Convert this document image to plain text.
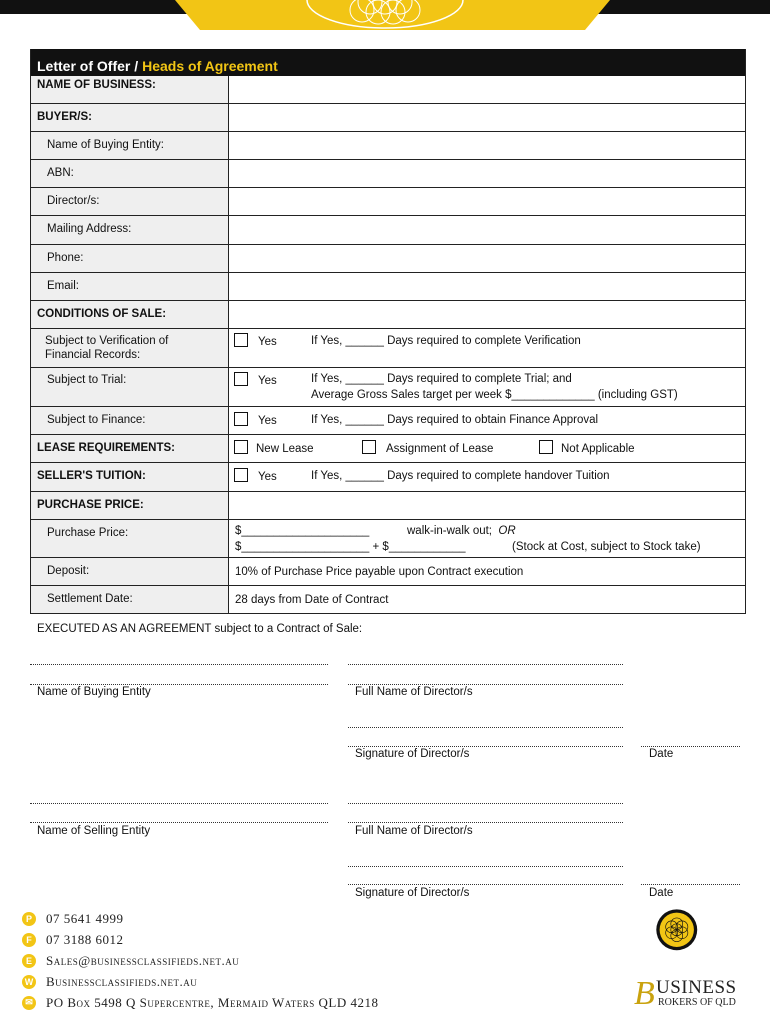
Letter of Offer / Heads of Agreement
NAME OF BUSINESS:
BUYER/S:
Name of Buying Entity:
ABN:
Director/s:
Mailing Address:
Phone:
Email:
CONDITIONS OF SALE:
Subject to Verification of
Financial Records:
Yes	If Yes, ______ Days required to complete Verification
Subject to Trial:	Yes	If Yes, ______ Days required to complete Trial; and
Average Gross Sales target per week $_____________ (including GST)
Subject to Finance:	Yes	If Yes, ______ Days required to obtain Finance Approval
LEASE REQUIREMENTS:	New Lease	Assignment of Lease	Not Applicable
SELLER'S TUITION:	Yes	If Yes, ______ Days required to complete handover Tuition
PURCHASE PRICE:
Purchase Price:	$____________________	walk-in-walk out; OR
$____________________ + $____________	(Stock at Cost, subject to Stock take)
Deposit:	10% of Purchase Price payable upon Contract execution
Settlement Date:	28 days from Date of Contract
EXECUTED AS AN AGREEMENT subject to a Contract of Sale:
Name of Buying Entity	Full Name of Director/s
Signature of Director/s	Date
Name of Selling Entity	Full Name of Director/s
Signature of Director/s	Date
P	07 5641 4999
F	07 3188 6012
E	Sales@businessclassifieds.net.au
W Businessclassifieds.net.au
✉ PO Box 5498 Q Supercentre, Mermaid Waters QLD 4218	B USINESS
ROKERS OF QLD
